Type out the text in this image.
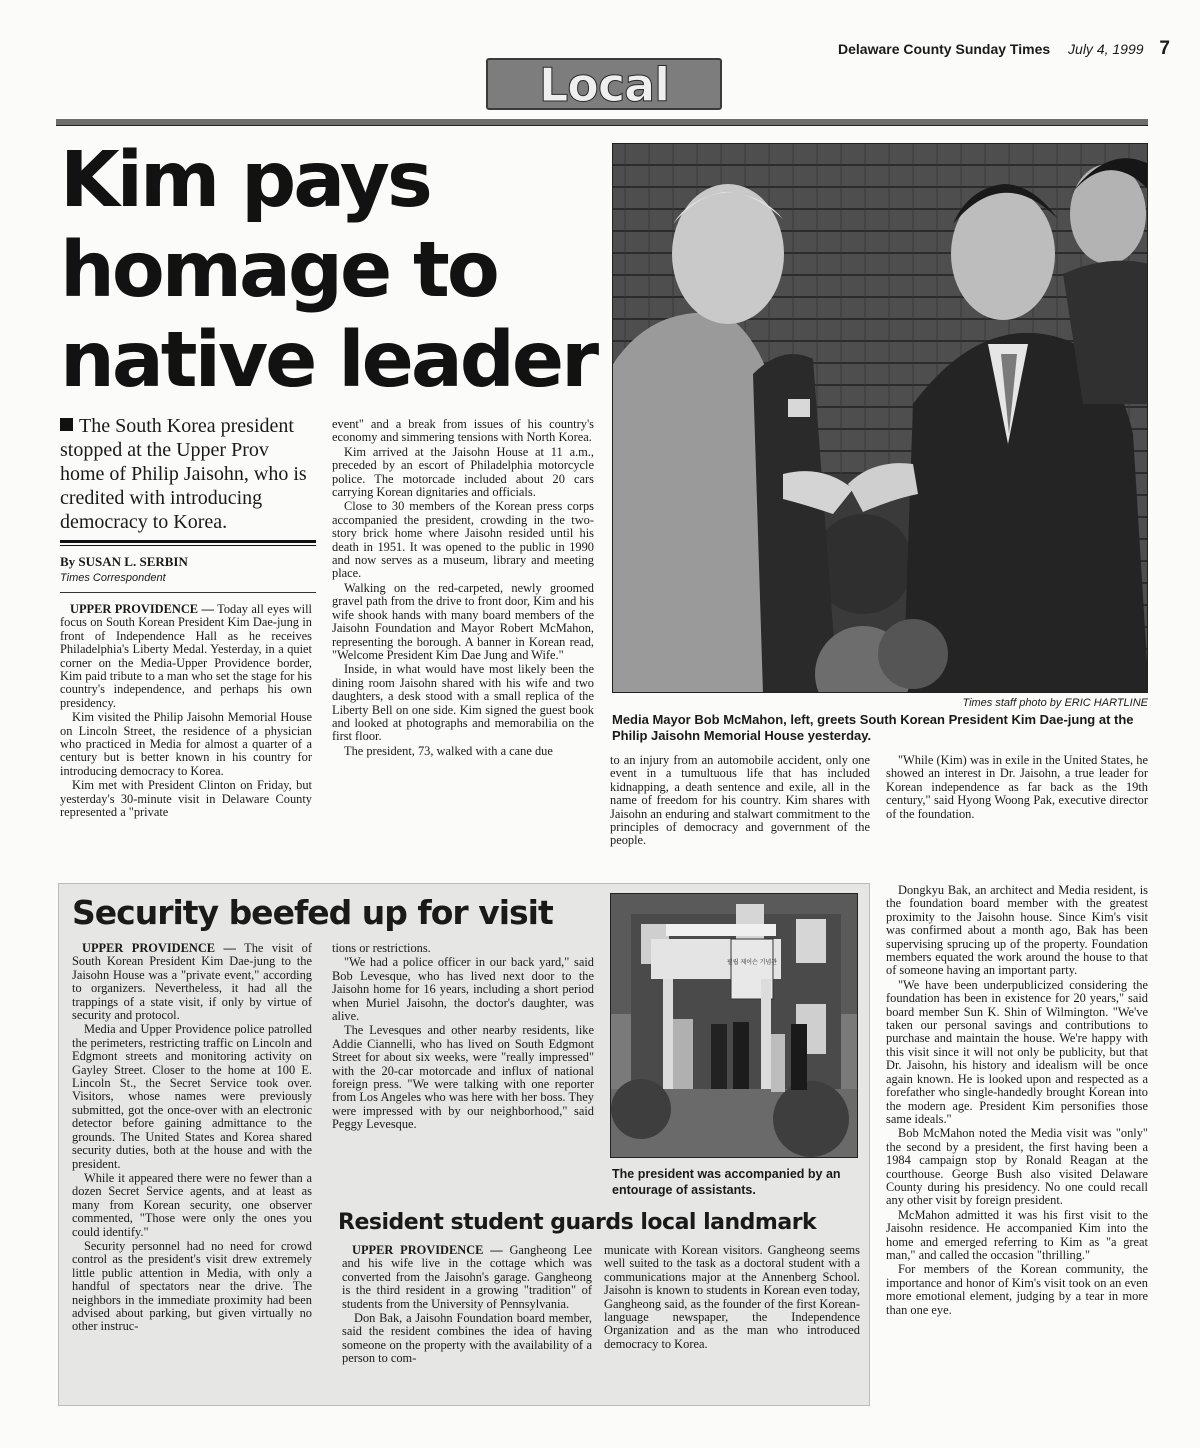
Delaware County Sunday Times July 4, 1999 7
Local
Kim pays
homage to
native leader
The South Korea president stopped at the Upper Prov home of Philip Jaisohn, who is credited with introducing democracy to Korea.
By SUSAN L. SERBIN
Times Correspondent

UPPER PROVIDENCE — Today all eyes will focus on South Korean President Kim Dae-jung in front of Independence Hall as he receives Philadelphia's Liberty Medal. Yesterday, in a quiet corner on the Media-Upper Providence border, Kim paid tribute to a man who set the stage for his country's independence, and perhaps his own presidency.

Kim visited the Philip Jaisohn Memorial House on Lincoln Street, the residence of a physician who practiced in Media for almost a quarter of a century but is better known in his country for introducing democracy to Korea.

Kim met with President Clinton on Friday, but yesterday's 30-minute visit in Delaware County represented a "private

event" and a break from issues of his country's economy and simmering tensions with North Korea.

Kim arrived at the Jaisohn House at 11 a.m., preceded by an escort of Philadelphia motorcycle police. The motorcade included about 20 cars carrying Korean dignitaries and officials.

Close to 30 members of the Korean press corps accompanied the president, crowding in the two-story brick home where Jaisohn resided until his death in 1951. It was opened to the public in 1990 and now serves as a museum, library and meeting place.

Walking on the red-carpeted, newly groomed gravel path from the drive to front door, Kim and his wife shook hands with many board members of the Jaisohn Foundation and Mayor Robert McMahon, representing the borough. A banner in Korean read, "Welcome President Kim Dae Jung and Wife."

Inside, in what would have most likely been the dining room Jaisohn shared with his wife and two daughters, a desk stood with a small replica of the Liberty Bell on one side. Kim signed the guest book and looked at photographs and memorabilia on the first floor.

The president, 73, walked with a cane due

to an injury from an automobile accident, only one event in a tumultuous life that has included kidnapping, a death sentence and exile, all in the name of freedom for his country. Kim shares with Jaisohn an enduring and stalwart commitment to the principles of democracy and government of the people.

"While (Kim) was in exile in the United States, he showed an interest in Dr. Jaisohn, a true leader for Korean independence as far back as the 19th century," said Hyong Woong Pak, executive director of the foundation.

Dongkyu Bak, an architect and Media resident, is the foundation board member with the greatest proximity to the Jaisohn house. Since Kim's visit was confirmed about a month ago, Bak has been supervising sprucing up of the property. Foundation members equated the work around the house to that of someone having an important party.

"We have been underpublicized considering the foundation has been in existence for 20 years," said board member Sun K. Shin of Wilmington. "We've taken our personal savings and contributions to purchase and maintain the house. We're happy with this visit since it will not only be publicity, but that Dr. Jaisohn, his history and idealism will be once again known. He is looked upon and respected as a forefather who single-handedly brought Korean into the modern age. President Kim personifies those same ideals."

Bob McMahon noted the Media visit was "only" the second by a president, the first having been a 1984 campaign stop by Ronald Reagan at the courthouse. George Bush also visited Delaware County during his presidency. No one could recall any other visit by foreign president.

McMahon admitted it was his first visit to the Jaisohn residence. He accompanied Kim into the home and emerged referring to Kim as "a great man," and called the occasion "thrilling."

For members of the Korean community, the importance and honor of Kim's visit took on an even more emotional element, judging by a tear in more than one eye.

Times staff photo by ERIC HARTLINE
Media Mayor Bob McMahon, left, greets South Korean President Kim Dae-jung at the Philip Jaisohn Memorial House yesterday.
Security beefed up for visit

UPPER PROVIDENCE — The visit of South Korean President Kim Dae-jung to the Jaisohn House was a "private event," according to organizers. Nevertheless, it had all the trappings of a state visit, if only by virtue of security and protocol.

Media and Upper Providence police patrolled the perimeters, restricting traffic on Lincoln and Edgmont streets and monitoring activity on Gayley Street. Closer to the home at 100 E. Lincoln St., the Secret Service took over. Visitors, whose names were previously submitted, got the once-over with an electronic detector before gaining admittance to the grounds. The United States and Korea shared security duties, both at the house and with the president.

While it appeared there were no fewer than a dozen Secret Service agents, and at least as many from Korean security, one observer commented, "Those were only the ones you could identify."

Security personnel had no need for crowd control as the president's visit drew extremely little public attention in Media, with only a handful of spectators near the drive. The neighbors in the immediate proximity had been advised about parking, but given virtually no other instruc-

tions or restrictions.

"We had a police officer in our back yard," said Bob Levesque, who has lived next door to the Jaisohn home for 16 years, including a short period when Muriel Jaisohn, the doctor's daughter, was alive.

The Levesques and other nearby residents, like Addie Ciannelli, who has lived on South Edgmont Street for about six weeks, were "really impressed" with the 20-car motorcade and influx of national foreign press. "We were talking with one reporter from Los Angeles who was here with her boss. They were impressed with by our neighborhood," said Peggy Levesque.

필립 제이슨 기념관
The president was accompanied by an entourage of assistants.
Resident student guards local landmark

UPPER PROVIDENCE — Gangheong Lee and his wife live in the cottage which was converted from the Jaisohn's garage. Gangheong is the third resident in a growing "tradition" of students from the University of Pennsylvania.

Don Bak, a Jaisohn Foundation board member, said the resident combines the idea of having someone on the property with the availability of a person to com-

municate with Korean visitors. Gangheong seems well suited to the task as a doctoral student with a communications major at the Annenberg School. Jaisohn is known to students in Korean even today, Gangheong said, as the founder of the first Korean-language newspaper, the Independence Organization and as the man who introduced democracy to Korea.
